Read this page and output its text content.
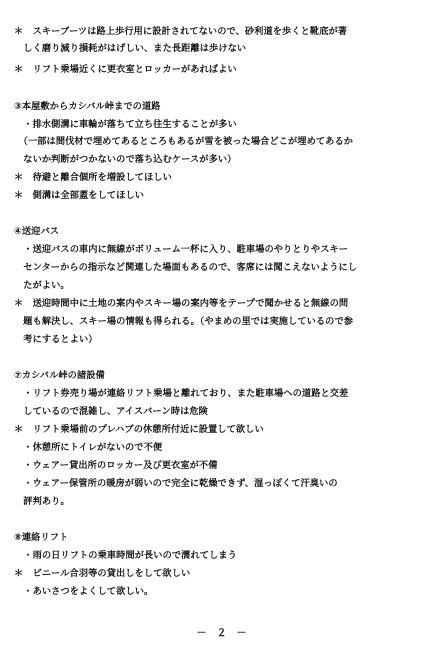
＊　スキーブーツは路上歩行用に設計されてないので、砂利道を歩くと靴底が著
　しく磨り減り損耗がはげしい、また長距離は歩けない
＊　リフト乗場近くに更衣室とロッカーがあればよい
③本屋敷からカシバル峠までの道路
　・排水側溝に車輪が落ちて立ち往生することが多い
　（一部は間伐材で埋めてあるところもあるが雪を被った場合どこが埋めてあるか
　ないか判断がつかないので落ち込むケースが多い）
＊　待避と離合個所を増設してほしい
＊　側溝は全部蓋をしてほしい
④送迎バス
　・送迎バスの車内に無線がボリューム一杯に入り、駐車場のやりとりやスキー
　センターからの指示など関連した場面もあるので、客席には聞こえないようにし
　たがよい。
＊　送迎時間中に土地の案内やスキー場の案内等をテープで聞かせると無線の問
　題も解決し、スキー場の情報も得られる。（やまめの里では実施しているので参
　考にするとよい）
⑦カシバル峠の諸設備
　・リフト券売り場が連絡リフト乗場と離れており、また駐車場への道路と交差
　しているので混雑し、アイスバーン時は危険
＊　リフト乗場前のプレハブの休憩所付近に設置して欲しい
　・休憩所にトイレがないので不便
　・ウェアー貸出所のロッカー及び更衣室が不備
　・ウェアー保管所の暖房が弱いので完全に乾燥できず、湿っぽくて汗臭いの
　評判あり。
⑧連絡リフト
　・雨の日リフトの乗車時間が長いので濡れてしまう
＊　ビニール合羽等の貸出しをして欲しい
　・あいさつをよくして欲しい。
－　２　－
